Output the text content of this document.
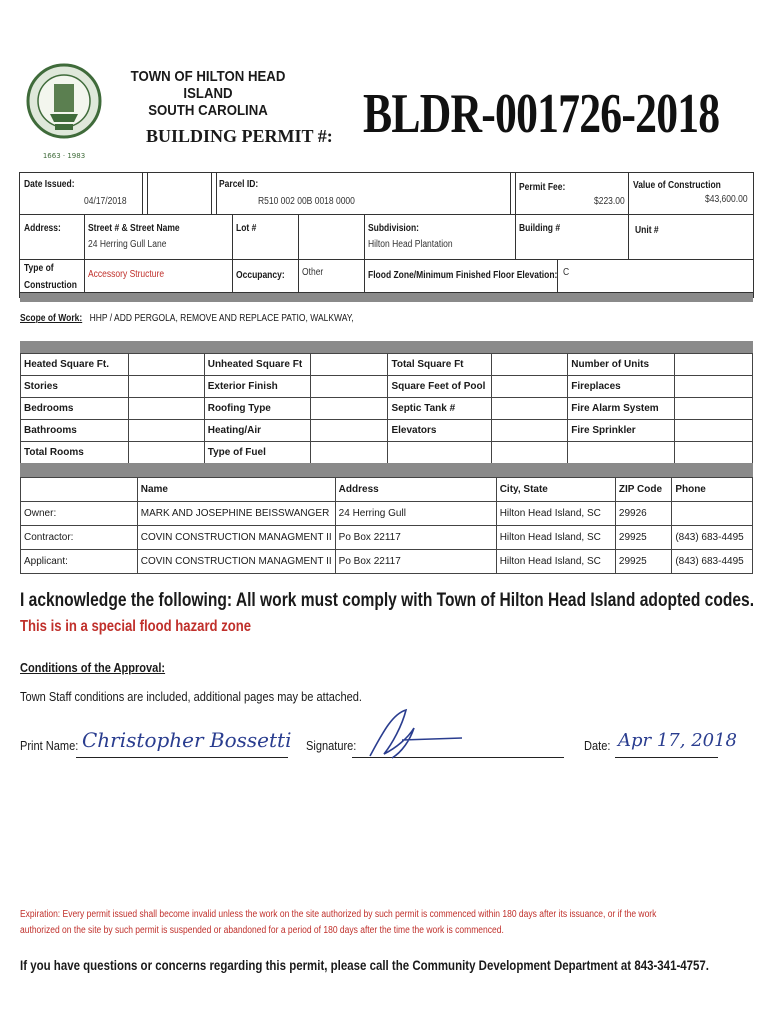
1663 · 1983
TOWN OF HILTON HEAD ISLAND
SOUTH CAROLINA
BUILDING PERMIT #: BLDR-001726-2018
Date Issued:
04/17/2018
Parcel ID:
R510 002 00B 0018 0000
Permit Fee:
$223.00
Value of Construction
$43,600.00
Address:	Street # & Street Name
24 Herring Gull Lane
Lot #	Subdivision:
Hilton Head Plantation
Building #	Unit #
Type of
Construction
Accessory Structure	Occupancy: Other	Flood Zone/Minimum Finished Floor Elevation: C
Scope of Work: HHP / ADD PERGOLA, REMOVE AND REPLACE PATIO, WALKWAY,
Heated Square Ft.		Unheated Square Ft		Total Square Ft		Number of Units	
Stories		Exterior Finish		Square Feet of Pool		Fireplaces	
Bedrooms		Roofing Type		Septic Tank #		Fire Alarm System	
Bathrooms		Heating/Air		Elevators		Fire Sprinkler	
Total Rooms		Type of Fuel					
	Name	Address	City, State	ZIP Code	Phone
Owner:	MARK AND JOSEPHINE BEISSWANGER	24 Herring Gull	Hilton Head Island, SC	29926	
Contractor:	COVIN CONSTRUCTION MANAGMENT II	Po Box 22117	Hilton Head Island, SC	29925	(843) 683-4495
Applicant:	COVIN CONSTRUCTION MANAGMENT II	Po Box 22117	Hilton Head Island, SC	29925	(843) 683-4495
I acknowledge the following: All work must comply with Town of Hilton Head Island adopted codes.
This is in a special flood hazard zone
Conditions of the Approval:
Town Staff conditions are included, additional pages may be attached.
Print Name: Christopher Bossetti Signature:	Date: Apr 17, 2018
Expiration: Every permit issued shall become invalid unless the work on the site authorized by such permit is commenced within 180 days after its issuance, or if the work authorized on the site by such permit is suspended or abandoned for a period of 180 days after the time the work is commenced.
If you have questions or concerns regarding this permit, please call the Community Development Department at 843-341-4757.
